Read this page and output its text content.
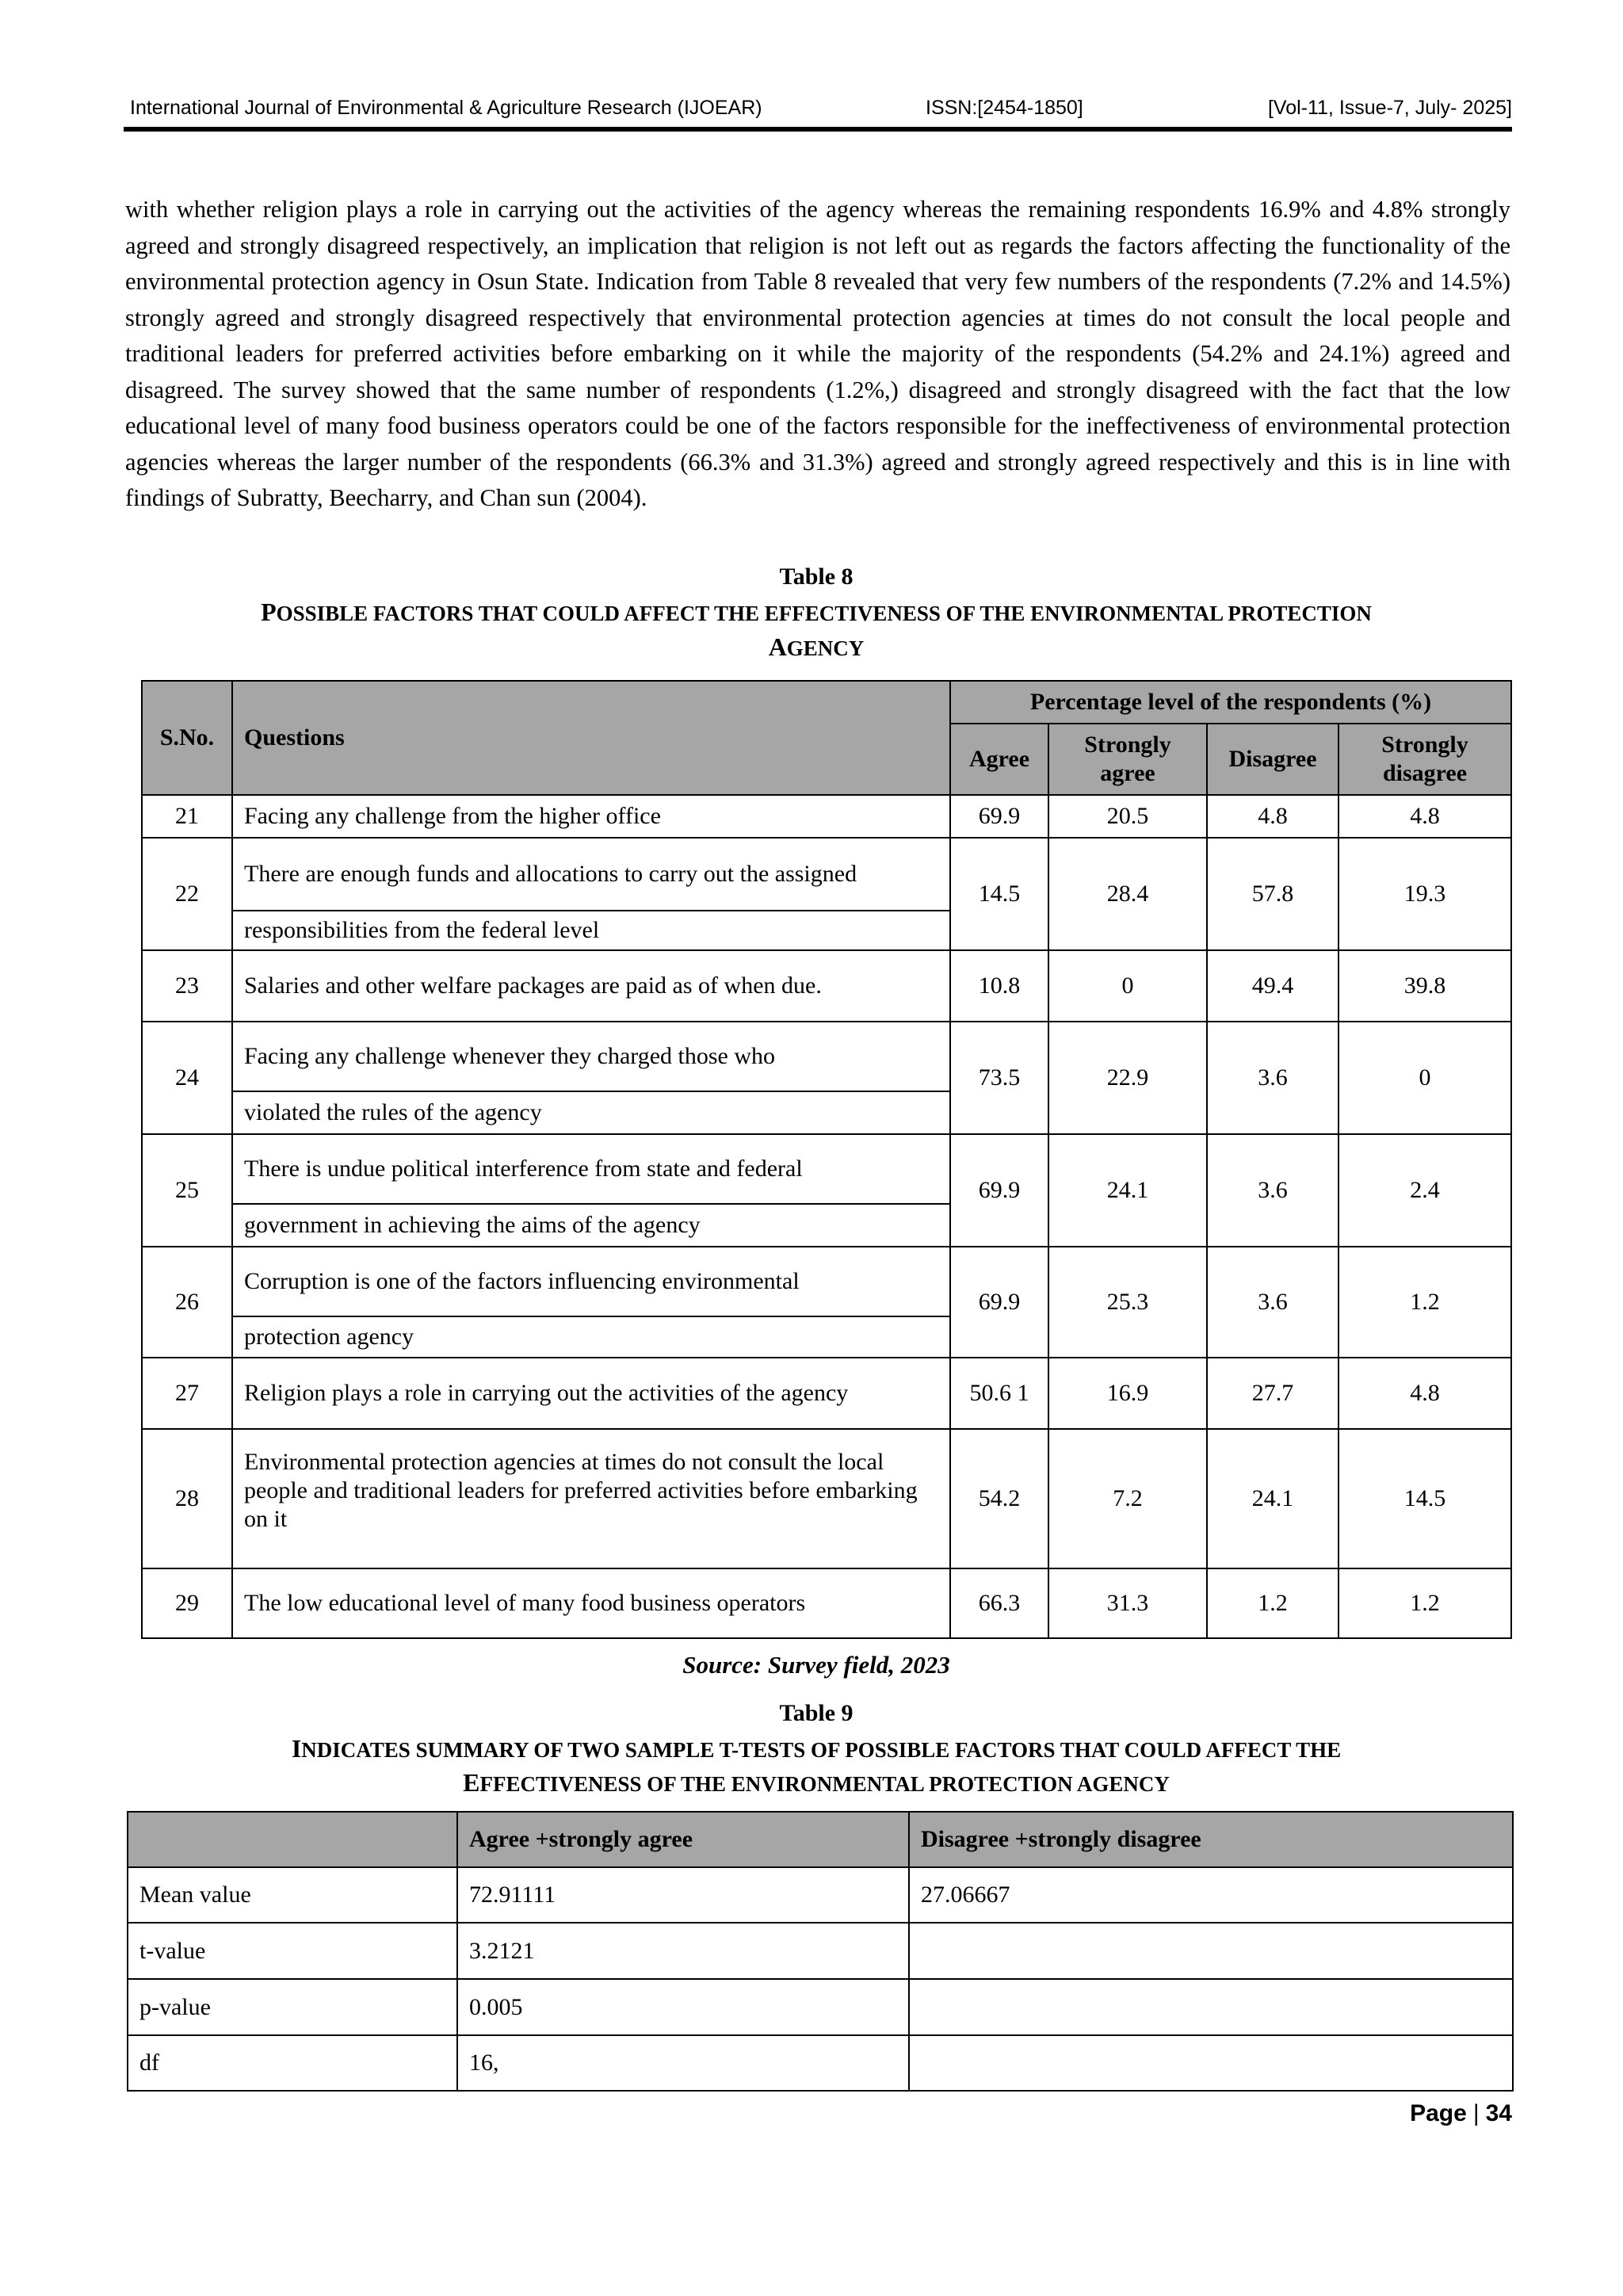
International Journal of Environmental & Agriculture Research (IJOEAR)	ISSN:[2454-1850]	[Vol-11, Issue-7, July- 2025]

with whether religion plays a role in carrying out the activities of the agency whereas the remaining respondents 16.9% and 4.8% strongly agreed and strongly disagreed respectively, an implication that religion is not left out as regards the factors affecting the functionality of the environmental protection agency in Osun State. Indication from Table 8 revealed that very few numbers of the respondents (7.2% and 14.5%) strongly agreed and strongly disagreed respectively that environmental protection agencies at times do not consult the local people and traditional leaders for preferred activities before embarking on it while the majority of the respondents (54.2% and 24.1%) agreed and disagreed. The survey showed that the same number of respondents (1.2%,) disagreed and strongly disagreed with the fact that the low educational level of many food business operators could be one of the factors responsible for the ineffectiveness of environmental protection agencies whereas the larger number of the respondents (66.3% and 31.3%) agreed and strongly agreed respectively and this is in line with findings of Subratty, Beecharry, and Chan sun (2004).

Table 8
POSSIBLE FACTORS THAT COULD AFFECT THE EFFECTIVENESS OF THE ENVIRONMENTAL PROTECTION
AGENCY
S.No.	Questions	Percentage level of the respondents (%)			
		Agree	Strongly agree	Disagree	Strongly disagree
21	Facing any challenge from the higher office	69.9	20.5	4.8	4.8
22	There are enough funds and allocations to carry out the assigned	14.5	28.4	57.8	19.3
	responsibilities from the federal level				
23	Salaries and other welfare packages are paid as of when due.	10.8	0	49.4	39.8
24	Facing any challenge whenever they charged those who	73.5	22.9	3.6	0
	violated the rules of the agency				
25	There is undue political interference from state and federal	69.9	24.1	3.6	2.4
	government in achieving the aims of the agency				
26	Corruption is one of the factors influencing environmental	69.9	25.3	3.6	1.2
	protection agency				
27	Religion plays a role in carrying out the activities of the agency	50.6 1	16.9	27.7	4.8
28	Environmental protection agencies at times do not consult the local people and traditional leaders for preferred activities before embarking on it	54.2	7.2	24.1	14.5
29	The low educational level of many food business operators	66.3	31.3	1.2	1.2
Source: Survey field, 2023
Table 9
INDICATES SUMMARY OF TWO SAMPLE T-TESTS OF POSSIBLE FACTORS THAT COULD AFFECT THE
EFFECTIVENESS OF THE ENVIRONMENTAL PROTECTION AGENCY
	Agree +strongly agree	Disagree +strongly disagree
Mean value	72.91111	27.06667
t-value	3.2121	
p-value	0.005	
df	16,	
Page | 34
